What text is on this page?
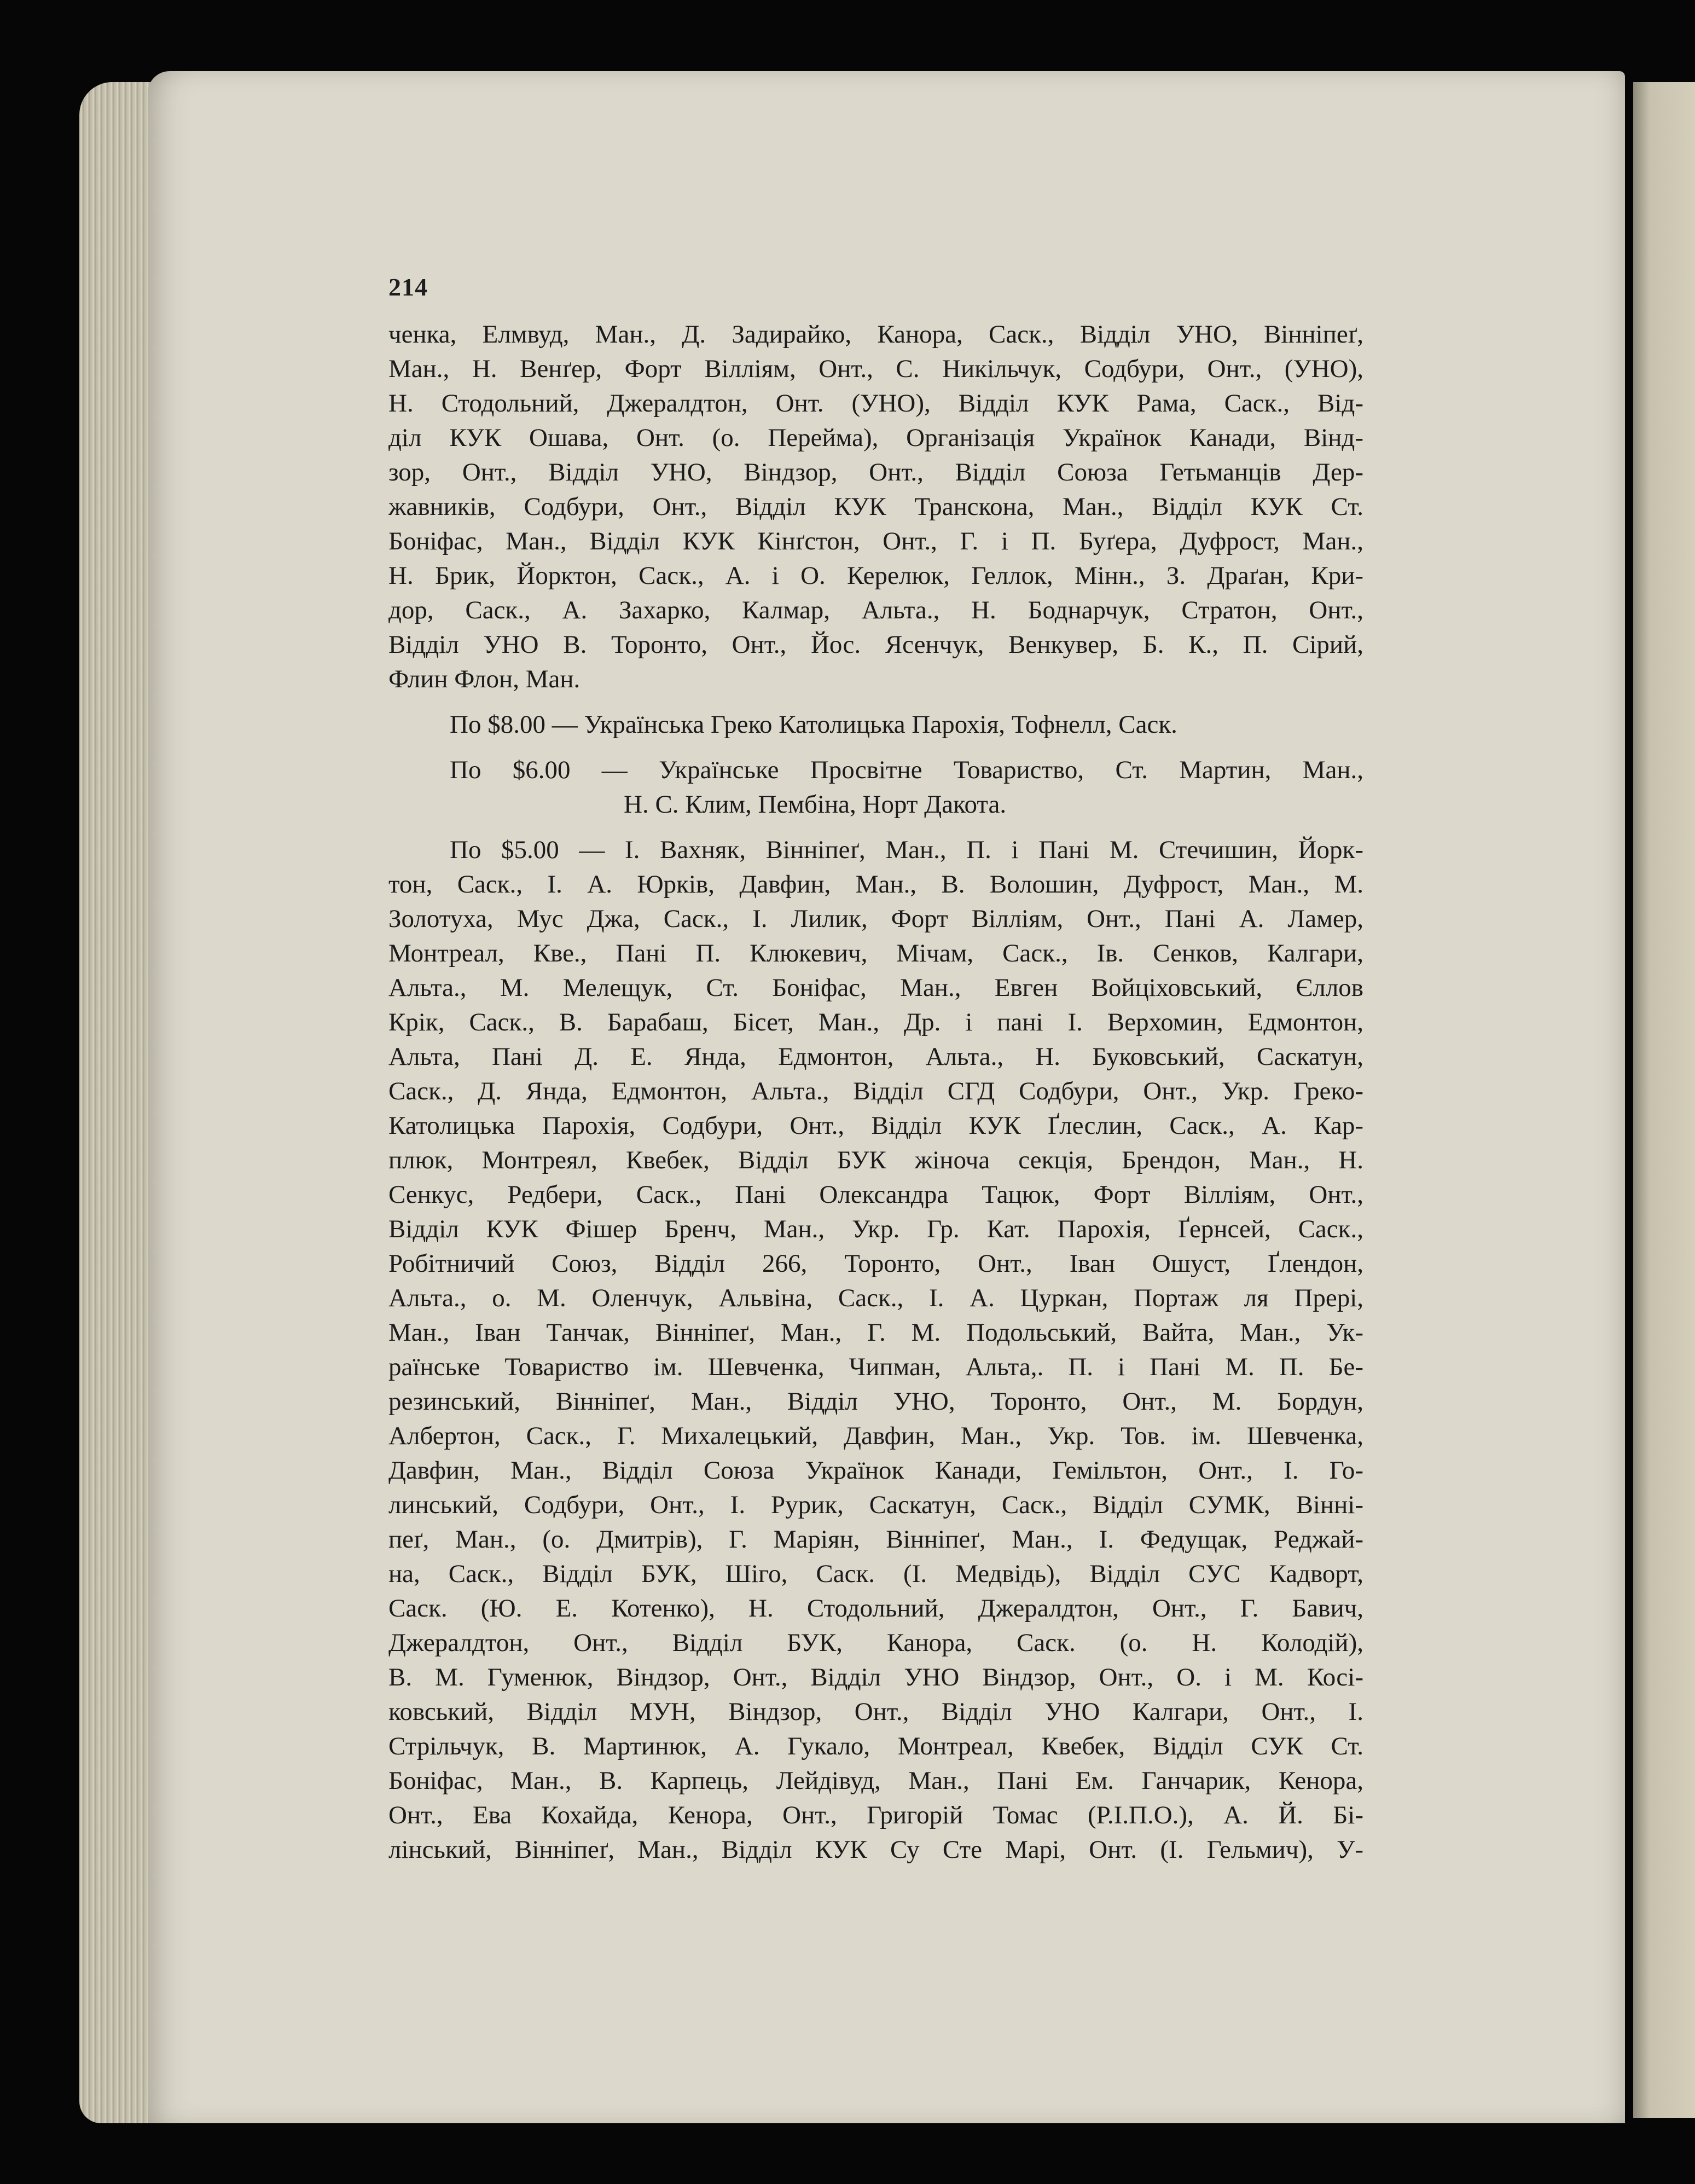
214
ченка, Елмвуд, Ман., Д. Задирайко, Канора, Саск., Відділ УНО, Вінніпеґ,
Ман., Н. Венґер, Форт Вілліям, Онт., С. Никільчук, Содбури, Онт., (УНО),
Н. Стодольний, Джералдтон, Онт. (УНО), Відділ КУК Рама, Саск., Від-
діл КУК Ошава, Онт. (о. Перейма), Організація Українок Канади, Вінд-
зор, Онт., Відділ УНО, Віндзор, Онт., Відділ Союза Гетьманців Дер-
жавників, Содбури, Онт., Відділ КУК Транскона, Ман., Відділ КУК Ст.
Боніфас, Ман., Відділ КУК Кінґстон, Онт., Г. і П. Буґера, Дуфрост, Ман.,
Н. Брик, Йорктон, Саск., А. і О. Керелюк, Геллок, Мінн., З. Драґан, Кри-
дор, Саск., А. Захарко, Калмар, Альта., Н. Боднарчук, Стратон, Онт.,
Відділ УНО В. Торонто, Онт., Йос. Ясенчук, Венкувер, Б. К., П. Сірий,
Флин Флон, Ман.
По $8.00 — Українська Греко Католицька Парохія, Тофнелл, Саск.
По $6.00 — Українське Просвітне Товариство, Ст. Мартин, Ман.,
Н. С. Клим, Пембіна, Норт Дакота.
По $5.00 — І. Вахняк, Вінніпеґ, Ман., П. і Пані М. Стечишин, Йорк-
тон, Саск., І. А. Юрків, Давфин, Ман., В. Волошин, Дуфрост, Ман., М.
Золотуха, Мус Джа, Саск., І. Лилик, Форт Вілліям, Онт., Пані А. Ламер,
Монтреал, Кве., Пані П. Клюкевич, Мічам, Саск., Ів. Сенков, Калгари,
Альта., М. Мелещук, Ст. Боніфас, Ман., Евген Войціховський, Єллов
Крік, Саск., В. Барабаш, Бісет, Ман., Др. і пані І. Верхомин, Едмонтон,
Альта, Пані Д. Е. Янда, Едмонтон, Альта., Н. Буковський, Саскатун,
Саск., Д. Янда, Едмонтон, Альта., Відділ СГД Содбури, Онт., Укр. Греко-
Католицька Парохія, Содбури, Онт., Відділ КУК Ґлеслин, Саск., А. Кар-
плюк, Монтреял, Квебек, Відділ БУК жіноча секція, Брендон, Ман., Н.
Сенкус, Редбери, Саск., Пані Олександра Тацюк, Форт Вілліям, Онт.,
Відділ КУК Фішер Бренч, Ман., Укр. Гр. Кат. Парохія, Ґернсей, Саск.,
Робітничий Союз, Відділ 266, Торонто, Онт., Іван Ошуст, Ґлендон,
Альта., о. М. Оленчук, Альвіна, Саск., І. А. Цуркан, Портаж ля Прері,
Ман., Іван Танчак, Вінніпеґ, Ман., Г. М. Подольський, Вайта, Ман., Ук-
раїнське Товариство ім. Шевченка, Чипман, Альта,. П. і Пані М. П. Бе-
резинський, Вінніпеґ, Ман., Відділ УНО, Торонто, Онт., М. Бордун,
Албертон, Саск., Г. Михалецький, Давфин, Ман., Укр. Тов. ім. Шевченка,
Давфин, Ман., Відділ Союза Українок Канади, Гемільтон, Онт., І. Го-
линський, Содбури, Онт., І. Рурик, Саскатун, Саск., Відділ СУМК, Вінні-
пеґ, Ман., (о. Дмитрів), Г. Маріян, Вінніпеґ, Ман., І. Федущак, Реджай-
на, Саск., Відділ БУК, Шіго, Саск. (І. Медвідь), Відділ СУС Кадворт,
Саск. (Ю. Е. Котенко), Н. Стодольний, Джералдтон, Онт., Г. Бавич,
Джералдтон, Онт., Відділ БУК, Канора, Саск. (о. Н. Колодій),
В. М. Гуменюк, Віндзор, Онт., Відділ УНО Віндзор, Онт., О. і М. Косі-
ковський, Відділ МУН, Віндзор, Онт., Відділ УНО Калгари, Онт., І.
Стрільчук, В. Мартинюк, А. Гукало, Монтреал, Квебек, Відділ СУК Ст.
Боніфас, Ман., В. Карпець, Лейдівуд, Ман., Пані Ем. Ганчарик, Кенора,
Онт., Ева Кохайда, Кенора, Онт., Григорій Томас (Р.І.П.О.), А. Й. Бі-
лінський, Вінніпеґ, Ман., Відділ КУК Су Сте Марі, Онт. (І. Гельмич), У-
